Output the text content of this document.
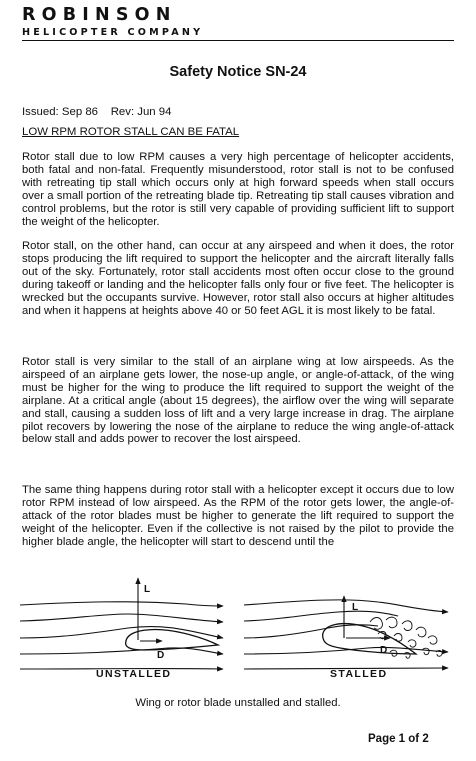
ROBINSON
HELICOPTER COMPANY
Safety Notice SN-24
Issued: Sep 86 Rev: Jun 94
LOW RPM ROTOR STALL CAN BE FATAL

Rotor stall due to low RPM causes a very high percentage of helicopter accidents, both fatal and non-fatal. Frequently misunderstood, rotor stall is not to be confused with retreating tip stall which occurs only at high forward speeds when stall occurs over a small portion of the retreating blade tip. Retreating tip stall causes vibration and control problems, but the rotor is still very capable of providing sufficient lift to support the weight of the helicopter.

Rotor stall, on the other hand, can occur at any airspeed and when it does, the rotor stops producing the lift required to support the helicopter and the aircraft literally falls out of the sky. Fortunately, rotor stall accidents most often occur close to the ground during takeoff or landing and the helicopter falls only four or five feet. The helicopter is wrecked but the occupants survive. However, rotor stall also occurs at higher altitudes and when it happens at heights above 40 or 50 feet AGL it is most likely to be fatal.

Rotor stall is very similar to the stall of an airplane wing at low airspeeds. As the airspeed of an airplane gets lower, the nose-up angle, or angle-of-attack, of the wing must be higher for the wing to produce the lift required to support the weight of the airplane. At a critical angle (about 15 degrees), the airflow over the wing will separate and stall, causing a sudden loss of lift and a very large increase in drag. The airplane pilot recovers by lowering the nose of the airplane to reduce the wing angle-of-attack below stall and adds power to recover the lost airspeed.

The same thing happens during rotor stall with a helicopter except it occurs due to low rotor RPM instead of low airspeed. As the RPM of the rotor gets lower, the angle-of-attack of the rotor blades must be higher to generate the lift required to support the weight of the helicopter. Even if the collective is not raised by the pilot to provide the higher blade angle, the helicopter will start to descend until the

L
D
L
D
UNSTALLED	STALLED
Wing or rotor blade unstalled and stalled.
Page 1 of 2
